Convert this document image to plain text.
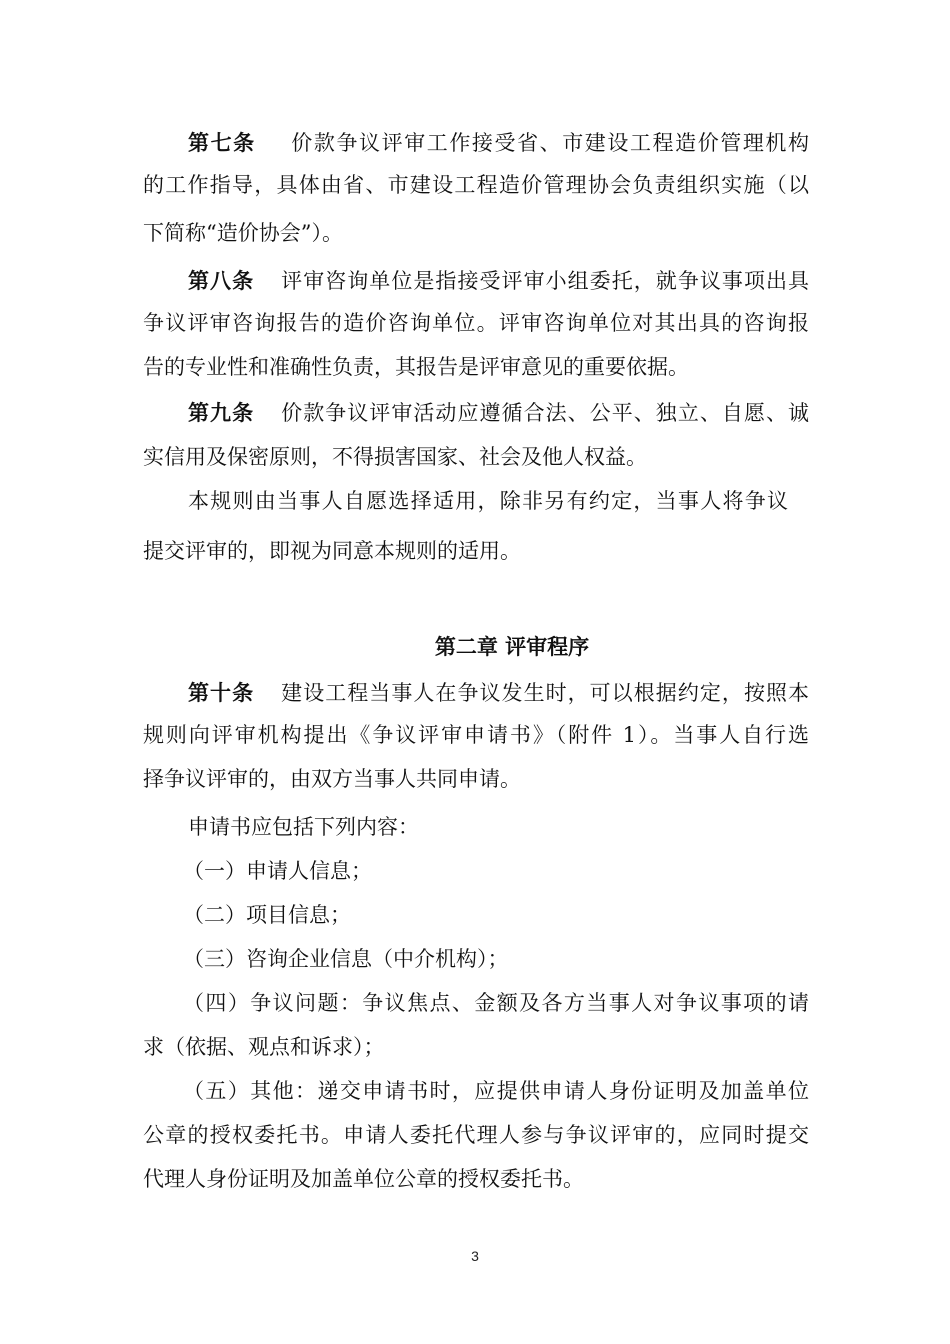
第七条 价款争议评审工作接受省、市建设工程造价管理机构
的工作指导，具体由省、市建设工程造价管理协会负责组织实施（以
下简称“造价协会”）。
第八条 评审咨询单位是指接受评审小组委托，就争议事项出具
争议评审咨询报告的造价咨询单位。评审咨询单位对其出具的咨询报
告的专业性和准确性负责，其报告是评审意见的重要依据。
第九条 价款争议评审活动应遵循合法、公平、独立、自愿、诚
实信用及保密原则，不得损害国家、社会及他人权益。
本规则由当事人自愿选择适用，除非另有约定，当事人将争议
提交评审的，即视为同意本规则的适用。
第二章 评审程序
第十条 建设工程当事人在争议发生时，可以根据约定，按照本
规则向评审机构提出《争议评审申请书》（附件 1）。当事人自行选
择争议评审的，由双方当事人共同申请。
申请书应包括下列内容：
（一）申请人信息；
（二）项目信息；
（三）咨询企业信息（中介机构）；
（四）争议问题：争议焦点、金额及各方当事人对争议事项的请
求（依据、观点和诉求）；
（五）其他：递交申请书时，应提供申请人身份证明及加盖单位
公章的授权委托书。申请人委托代理人参与争议评审的，应同时提交
代理人身份证明及加盖单位公章的授权委托书。
3
